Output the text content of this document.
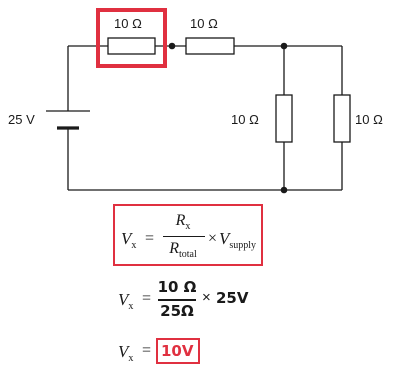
10 Ω	10 Ω
25 V	10 Ω	10 Ω
$V_x$ =
$R_x$
$R_{total}$
× $V_{supply}$
$V_x$ =
10 Ω
25Ω
× 25V
$V_x = 10V$
